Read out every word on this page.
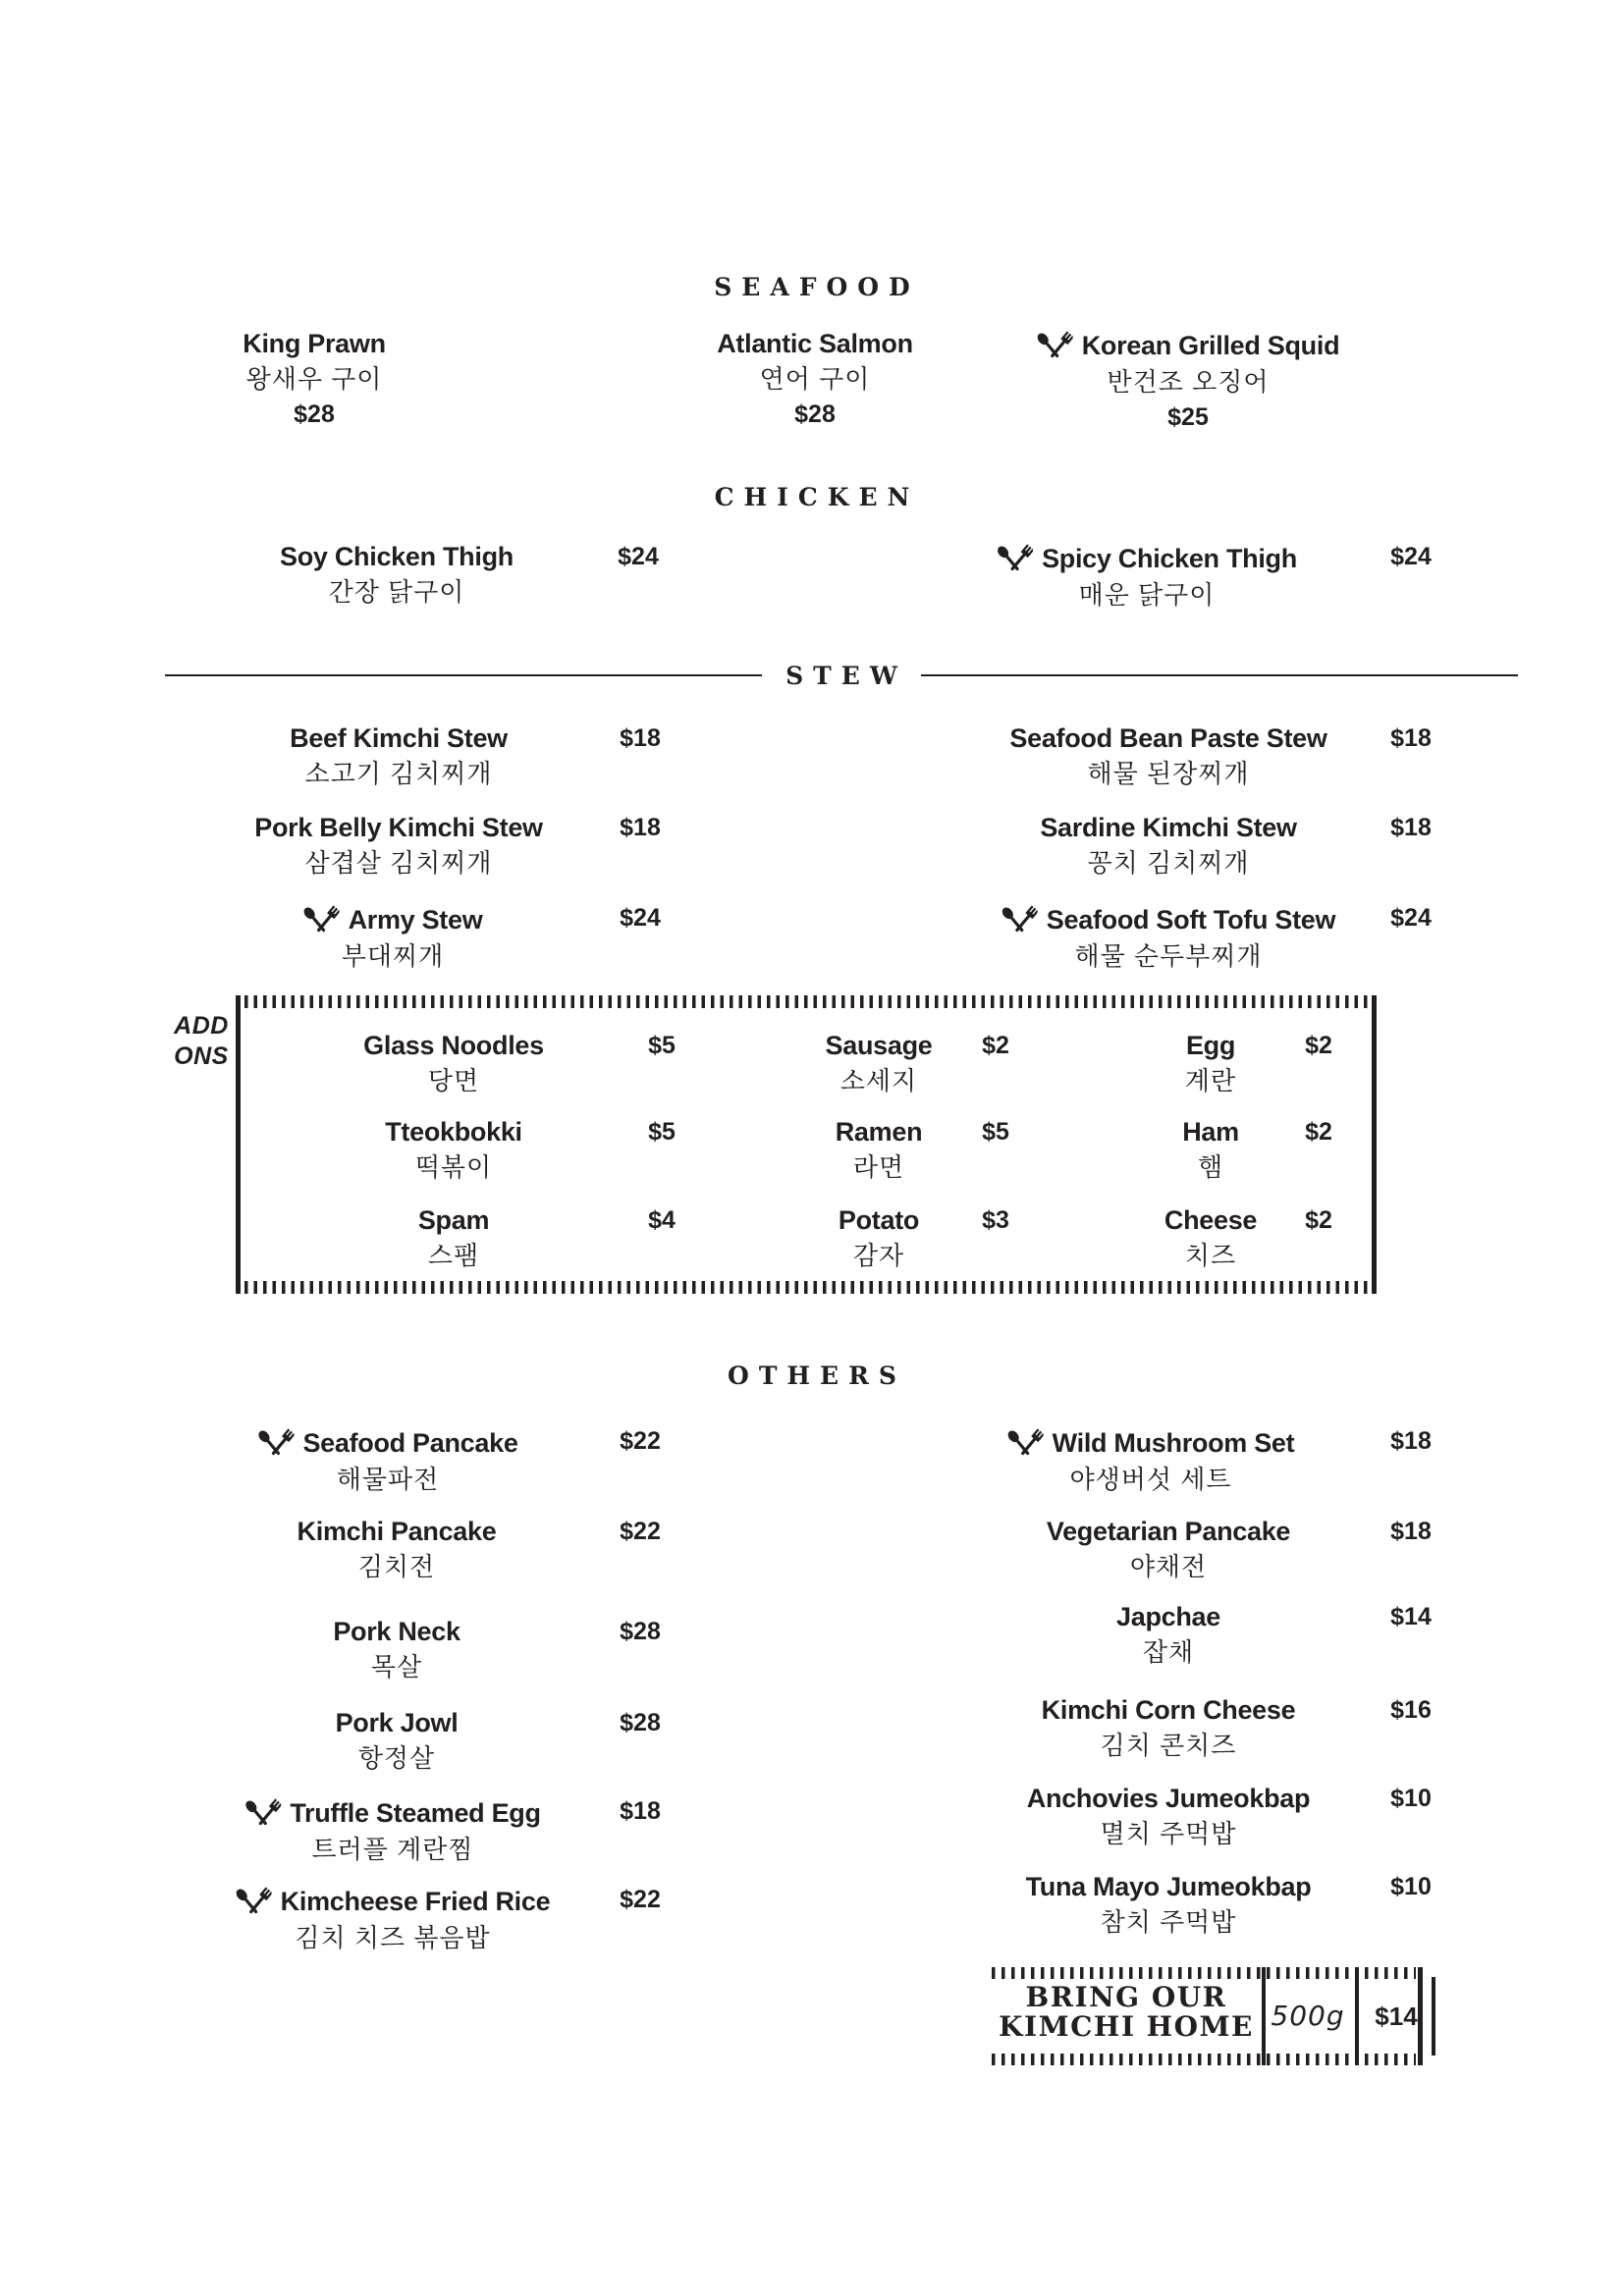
SEAFOOD
King Prawn
왕새우 구이
$28
Atlantic Salmon
연어 구이
$28
Korean Grilled Squid
반건조 오징어
$25
CHICKEN
Soy Chicken Thigh
간장 닭구이
$24	Spicy Chicken Thigh
매운 닭구이
$24
STEW
Beef Kimchi Stew
소고기 김치찌개
$18	Seafood Bean Paste Stew
해물 된장찌개
$18
Pork Belly Kimchi Stew
삼겹살 김치찌개
$18	Sardine Kimchi Stew
꽁치 김치찌개
$18
Army Stew
부대찌개
$24	Seafood Soft Tofu Stew
해물 순두부찌개
$24
ADD
ONS	Glass Noodles
당면
$5	Sausage
소세지
$2	Egg
계란
$2
Tteokbokki
떡볶이
$5	Ramen
라면
$5	Ham
햄
$2
Spam
스팸
$4	Potato
감자
$3	Cheese
치즈
$2
OTHERS
Seafood Pancake
해물파전
$22
Kimchi Pancake
김치전
$22
Pork Neck
목살
$28
Pork Jowl
항정살
$28
Truffle Steamed Egg
트러플 계란찜
$18
Kimcheese Fried Rice
김치 치즈 볶음밥
$22
Wild Mushroom Set
야생버섯 세트
$18
Vegetarian Pancake
야채전
$18
Japchae
잡채
$14
Kimchi Corn Cheese
김치 콘치즈
$16
Anchovies Jumeokbap
멸치 주먹밥
$10
Tuna Mayo Jumeokbap
참치 주먹밥
$10
BRING OUR
KIMCHI HOME 500g $14
